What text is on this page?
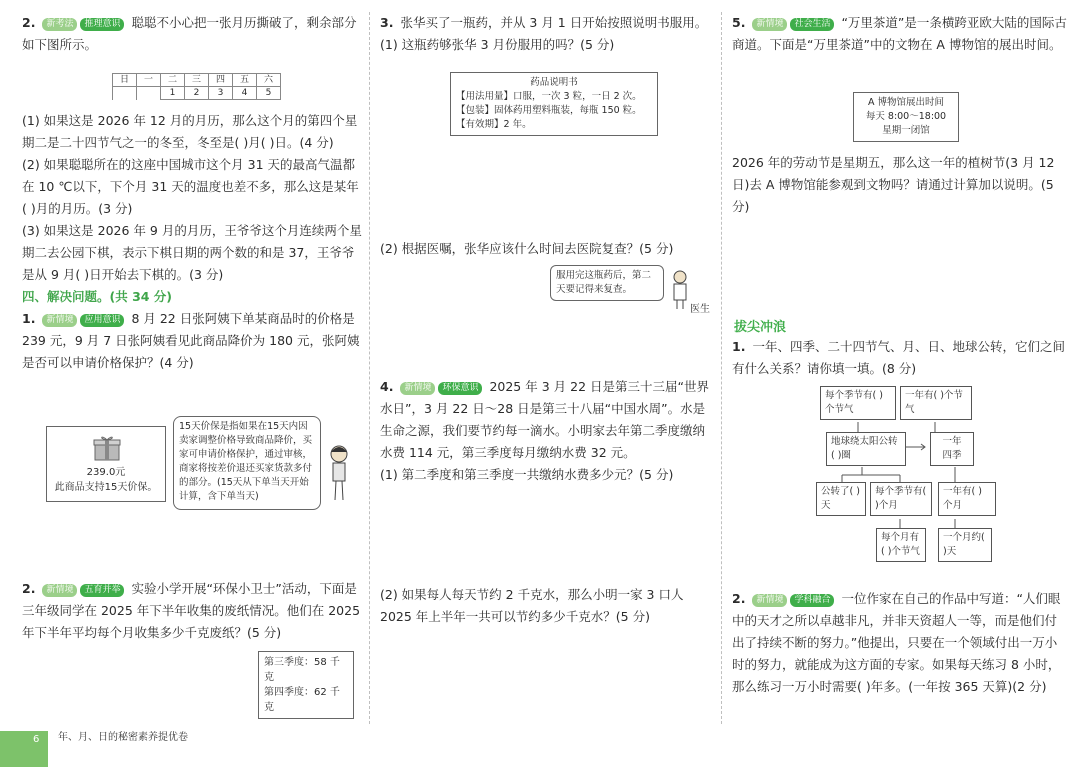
2. 新考法 推理意识 聪聪不小心把一张月历撕破了，剩余部分如下图所示。

日	一	二	三	四	五	六
		1	2	3	4	5

(1) 如果这是 2026 年 12 月的月历，那么这个月的第四个星期二是二十四节气之一的冬至，冬至是( )月( )日。(4 分)

(2) 如果聪聪所在的这座中国城市这个月 31 天的最高气温都在 10 ℃以下，下个月 31 天的温度也差不多，那么这是某年( )月的月历。(3 分)

(3) 如果这是 2026 年 9 月的月历，王爷爷这个月连续两个星期二去公园下棋，表示下棋日期的两个数的和是 37，王爷爷是从 9 月( )日开始去下棋的。(3 分)

四、解决问题。(共 34 分)

1. 新情境 应用意识 8 月 22 日张阿姨下单某商品时的价格是 239 元，9 月 7 日张阿姨看见此商品降价为 180 元，张阿姨是否可以申请价格保护？(4 分)

239.0元
此商品支持15天价保。
15天价保是指如果在15天内因卖家调整价格导致商品降价，买家可申请价格保护，通过审核，商家将按差价退还买家货款多付的部分。(15天从下单当天开始计算，含下单当天)

2. 新情境 五育并举 实验小学开展“环保小卫士”活动，下面是三年级同学在 2025 年下半年收集的废纸情况。他们在 2025 年下半年平均每个月收集多少千克废纸？(5 分)

第三季度：58 千克
第四季度：62 千克

3. 张华买了一瓶药，并从 3 月 1 日开始按照说明书服用。

(1) 这瓶药够张华 3 月份服用的吗？(5 分)

药品说明书
【用法用量】口服，一次 3 粒，一日 2 次。
【包装】固体药用塑料瓶装，每瓶 150 粒。
【有效期】2 年。

(2) 根据医嘱，张华应该什么时间去医院复查？(5 分)

服用完这瓶药后，第二天要记得来复查。
医生

4. 新情境 环保意识 2025 年 3 月 22 日是第三十三届“世界水日”，3 月 22 日～28 日是第三十八届“中国水周”。水是生命之源，我们要节约每一滴水。小明家去年第二季度缴纳水费 114 元，第三季度每月缴纳水费 32 元。

(1) 第二季度和第三季度一共缴纳水费多少元？(5 分)

(2) 如果每人每天节约 2 千克水，那么小明一家 3 口人 2025 年上半年一共可以节约多少千克水？(5 分)

5. 新情境 社会生活 “万里茶道”是一条横跨亚欧大陆的国际古商道。下面是“万里茶道”中的文物在 A 博物馆的展出时间。

A 博物馆展出时间
每天 8:00～18:00
星期一闭馆

2026 年的劳动节是星期五，那么这一年的植树节(3 月 12 日)去 A 博物馆能参观到文物吗？请通过计算加以说明。(5 分)

拔尖冲浪

1. 一年、四季、二十四节气、月、日、地球公转，它们之间有什么关系？请你填一填。(8 分)

每个季节有( )个节气
一年有( )个节气
地球绕太阳公转( )圈
一年
四季
公转了( )天
每个季节有( )个月
一年有( )个月
每个月有( )个节气
一个月约( )天

2. 新情境 学科融合 一位作家在自己的作品中写道：“人们眼中的天才之所以卓越非凡，并非天资超人一等，而是他们付出了持续不断的努力。”他提出，只要在一个领域付出一万小时的努力，就能成为这方面的专家。如果每天练习 8 小时，那么练习一万小时需要( )年多。(一年按 365 天算)(2 分)

6 年、月、日的秘密素养提优卷
